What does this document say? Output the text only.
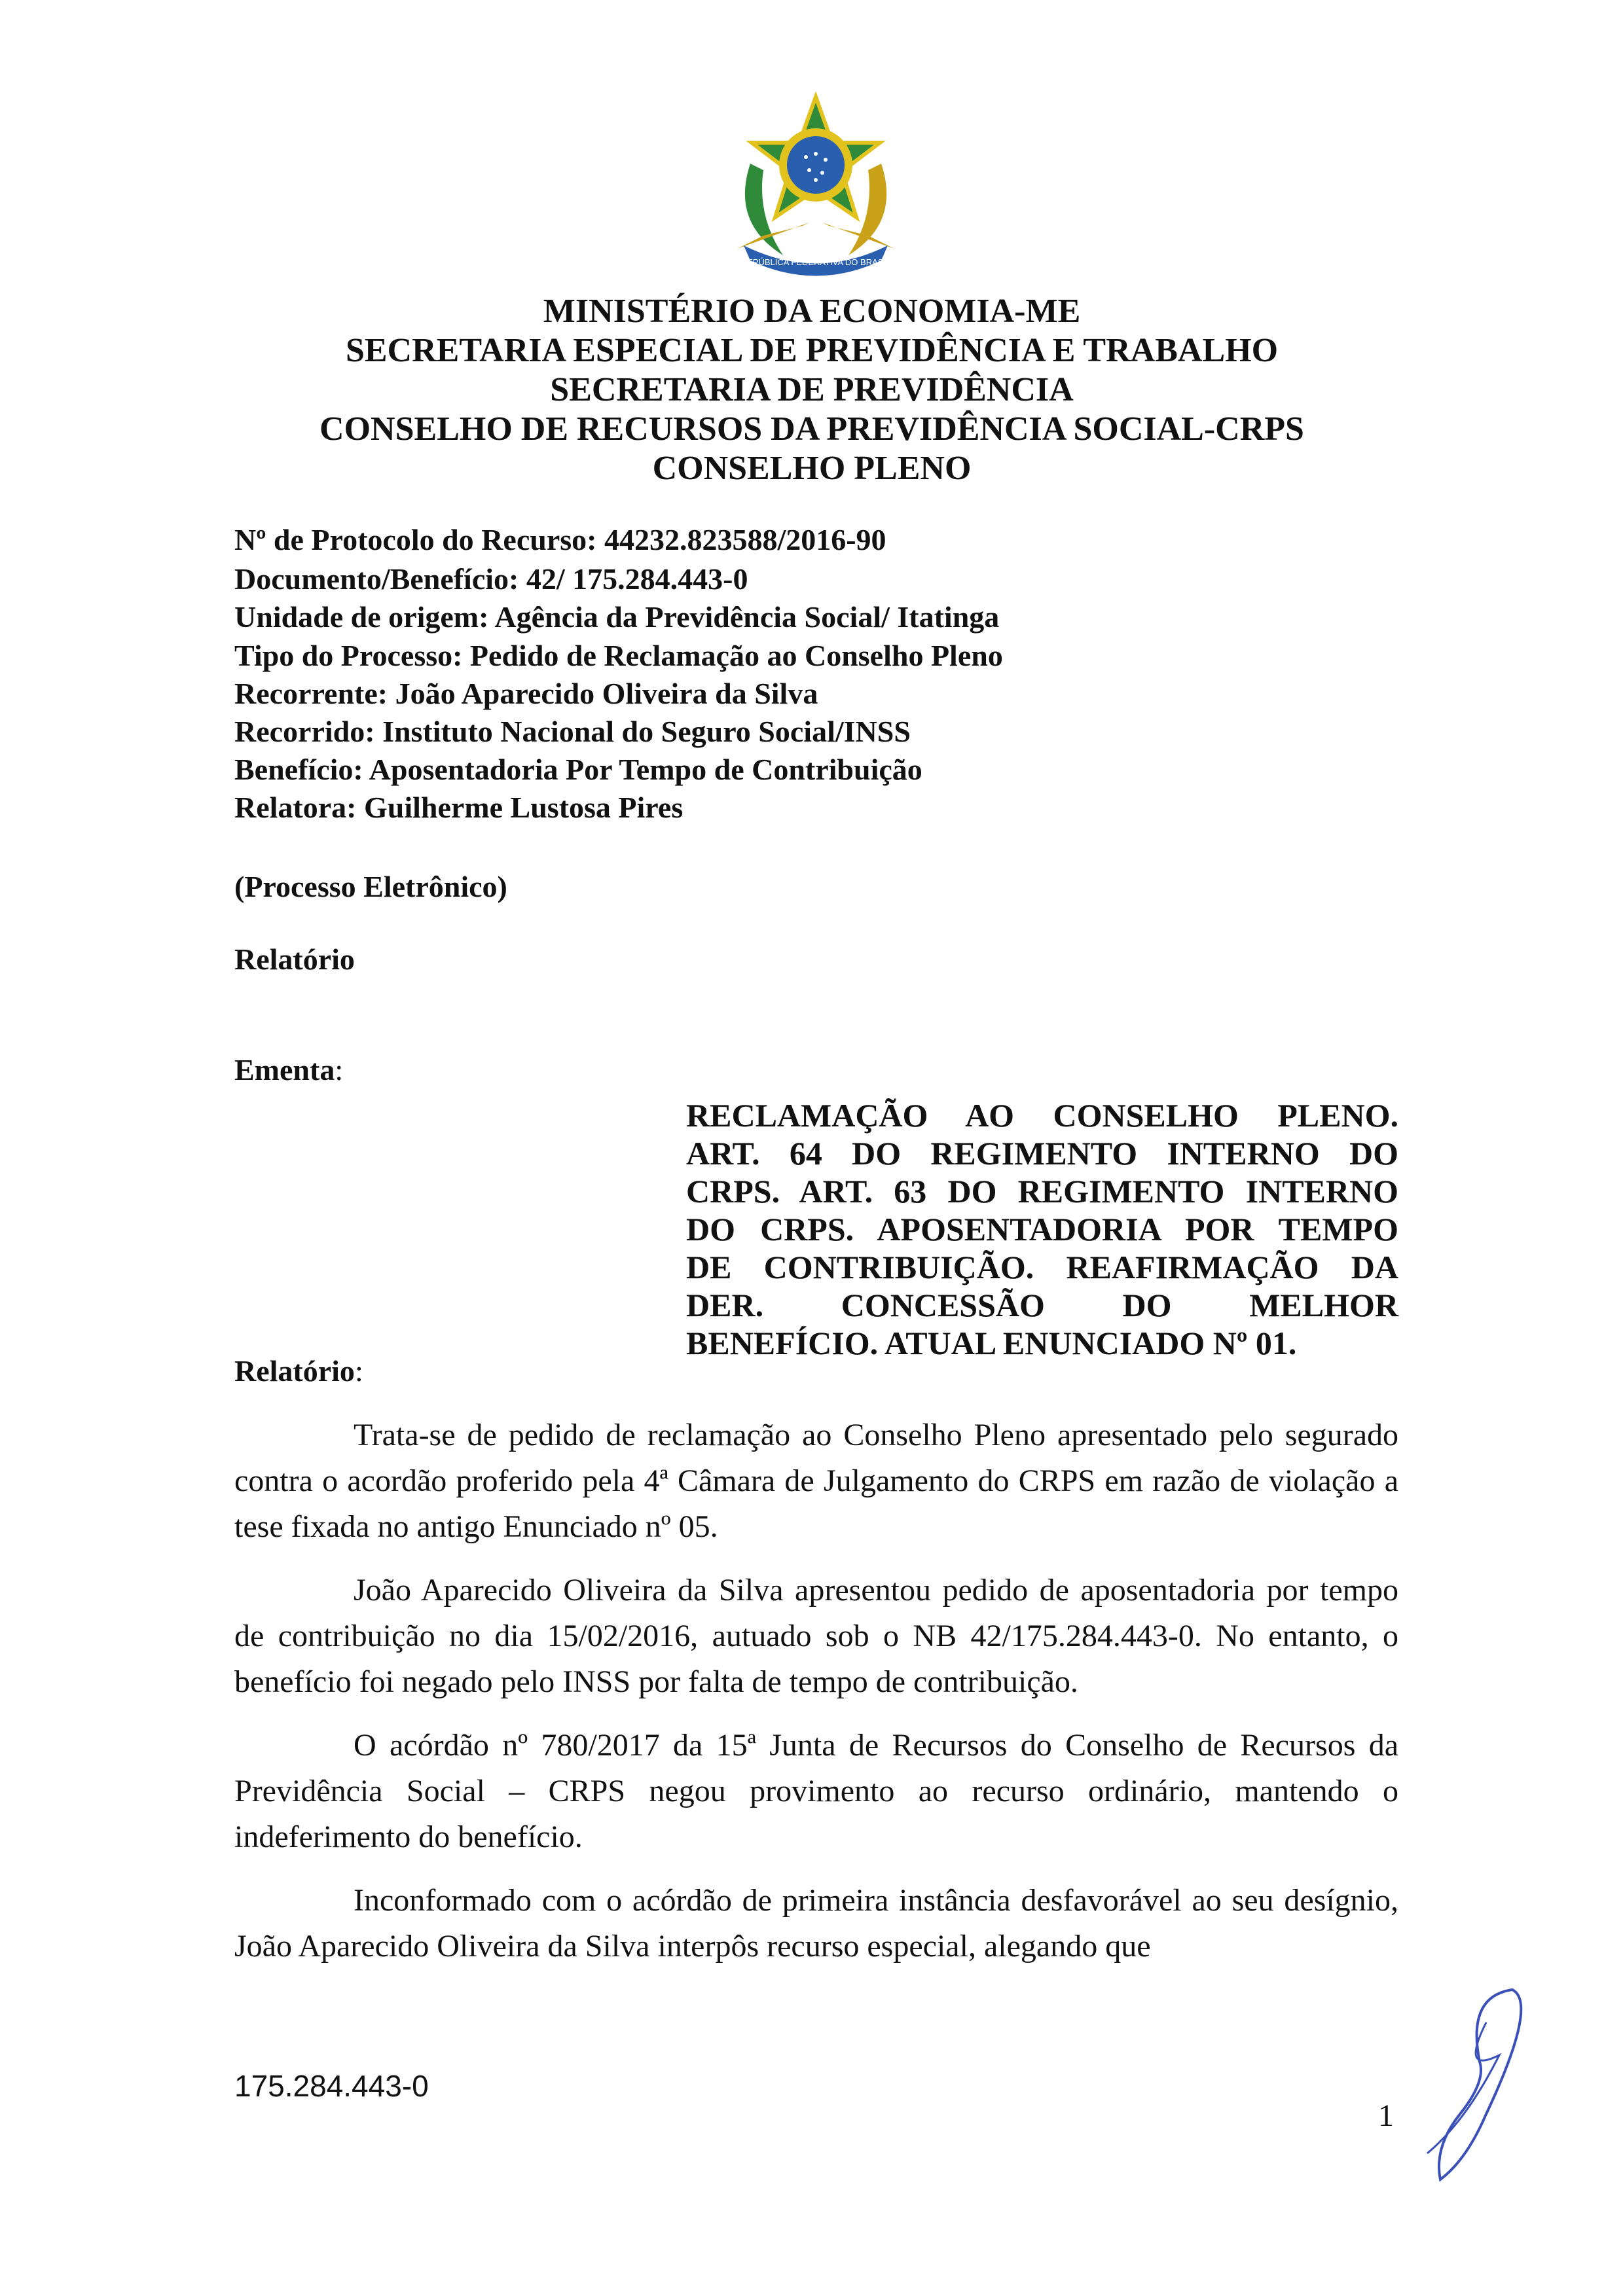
REPÚBLICA FEDERATIVA DO BRASIL
MINISTÉRIO DA ECONOMIA-ME
SECRETARIA ESPECIAL DE PREVIDÊNCIA E TRABALHO
SECRETARIA DE PREVIDÊNCIA
CONSELHO DE RECURSOS DA PREVIDÊNCIA SOCIAL-CRPS
CONSELHO PLENO
Nº de Protocolo do Recurso: 44232.823588/2016-90
Documento/Benefício: 42/ 175.284.443-0
Unidade de origem: Agência da Previdência Social/ Itatinga
Tipo do Processo: Pedido de Reclamação ao Conselho Pleno
Recorrente: João Aparecido Oliveira da Silva
Recorrido: Instituto Nacional do Seguro Social/INSS
Benefício: Aposentadoria Por Tempo de Contribuição
Relatora: Guilherme Lustosa Pires
(Processo Eletrônico)
Relatório
Ementa:
RECLAMAÇÃO AO CONSELHO PLENO.
ART. 64 DO REGIMENTO INTERNO DO
CRPS. ART. 63 DO REGIMENTO INTERNO
DO CRPS. APOSENTADORIA POR TEMPO
DE CONTRIBUIÇÃO. REAFIRMAÇÃO DA
DER. CONCESSÃO DO MELHOR
BENEFÍCIO. ATUAL ENUNCIADO Nº 01.
Relatório:

Trata-se de pedido de reclamação ao Conselho Pleno apresentado pelo segurado contra o acordão proferido pela 4ª Câmara de Julgamento do CRPS em razão de violação a tese fixada no antigo Enunciado nº 05.

João Aparecido Oliveira da Silva apresentou pedido de aposentadoria por tempo de contribuição no dia 15/02/2016, autuado sob o NB 42/175.284.443-0. No entanto, o benefício foi negado pelo INSS por falta de tempo de contribuição.

O acórdão nº 780/2017 da 15ª Junta de Recursos do Conselho de Recursos da Previdência Social – CRPS negou provimento ao recurso ordinário, mantendo o indeferimento do benefício.

Inconformado com o acórdão de primeira instância desfavorável ao seu desígnio, João Aparecido Oliveira da Silva interpôs recurso especial, alegando que

175.284.443-0
1
